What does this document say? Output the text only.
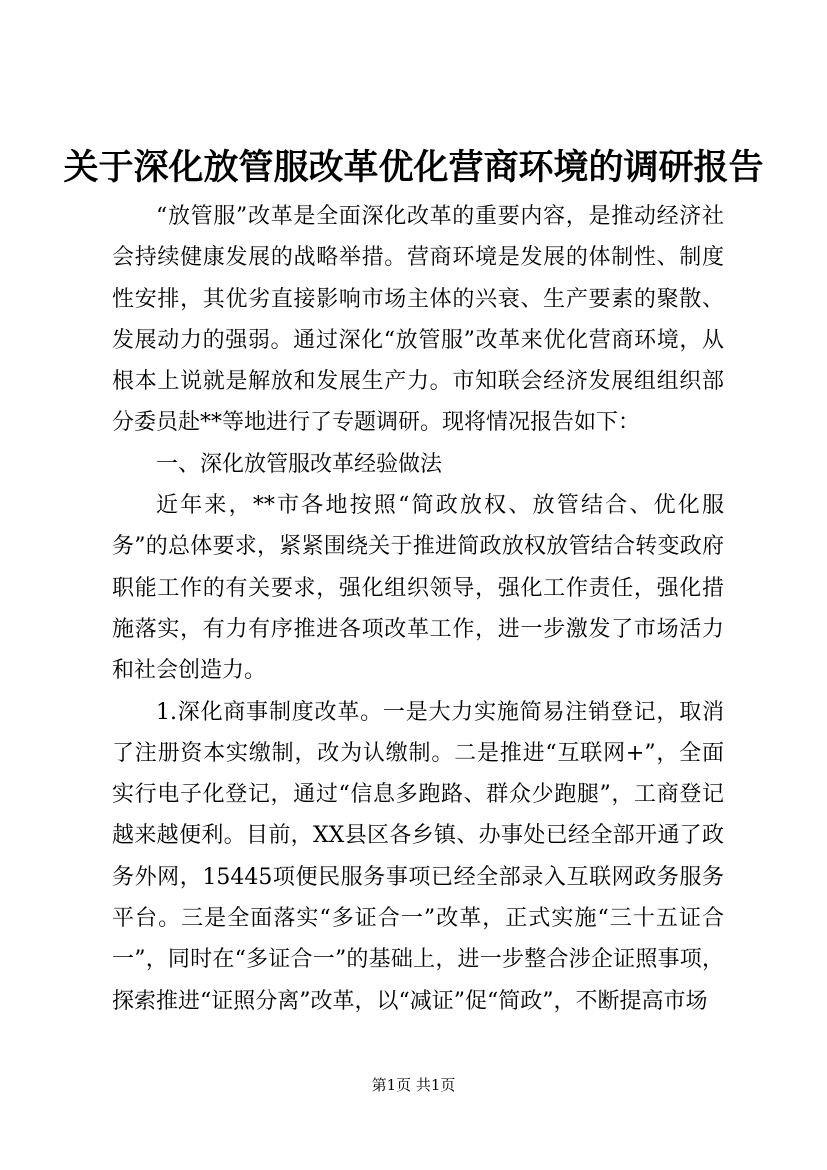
关于深化放管服改革优化营商环境的调研报告

“放管服”改革是全面深化改革的重要内容，是推动经济社会持续健康发展的战略举措。营商环境是发展的体制性、制度性安排，其优劣直接影响市场主体的兴衰、生产要素的聚散、发展动力的强弱。通过深化“放管服”改革来优化营商环境，从根本上说就是解放和发展生产力。市知联会经济发展组组织部分委员赴**等地进行了专题调研。现将情况报告如下：

一、深化放管服改革经验做法

近年来，**市各地按照“简政放权、放管结合、优化服务”的总体要求，紧紧围绕关于推进简政放权放管结合转变政府职能工作的有关要求，强化组织领导，强化工作责任，强化措施落实，有力有序推进各项改革工作，进一步激发了市场活力和社会创造力。

1.深化商事制度改革。一是大力实施简易注销登记，取消了注册资本实缴制，改为认缴制。二是推进“互联网+”，全面实行电子化登记，通过“信息多跑路、群众少跑腿”，工商登记越来越便利。目前，XX县区各乡镇、办事处已经全部开通了政务外网，15445项便民服务事项已经全部录入互联网政务服务平台。三是全面落实“多证合一”改革，正式实施“三十五证合一”，同时在“多证合一”的基础上，进一步整合涉企证照事项，探索推进“证照分离”改革，以“减证”促“简政”，不断提高市场

第1页 共1页
